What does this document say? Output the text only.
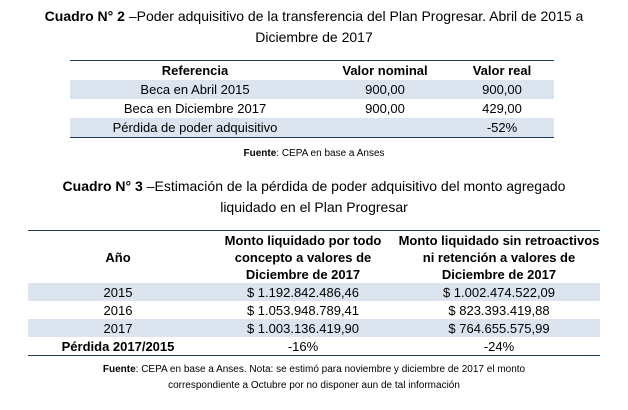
Cuadro N° 2 –Poder adquisitivo de la transferencia del Plan Progresar. Abril de 2015 a
Diciembre de 2017
Referencia	Valor nominal	Valor real
Beca en Abril 2015	900,00	900,00
Beca en Diciembre 2017	900,00	429,00
Pérdida de poder adquisitivo		-52%
Fuente: CEPA en base a Anses
Cuadro N° 3 –Estimación de la pérdida de poder adquisitivo del monto agregado
liquidado en el Plan Progresar
Año	Monto liquidado por todo concepto a valores de Diciembre de 2017	Monto liquidado sin retroactivos ni retención a valores de Diciembre de 2017
2015	$ 1.192.842.486,46	$ 1.002.474.522,09
2016	$ 1.053.948.789,41	$ 823.393.419,88
2017	$ 1.003.136.419,90	$ 764.655.575,99
Pérdida 2017/2015	-16%	-24%
Fuente: CEPA en base a Anses. Nota: se estimó para noviembre y diciembre de 2017 el monto
correspondiente a Octubre por no disponer aun de tal información
